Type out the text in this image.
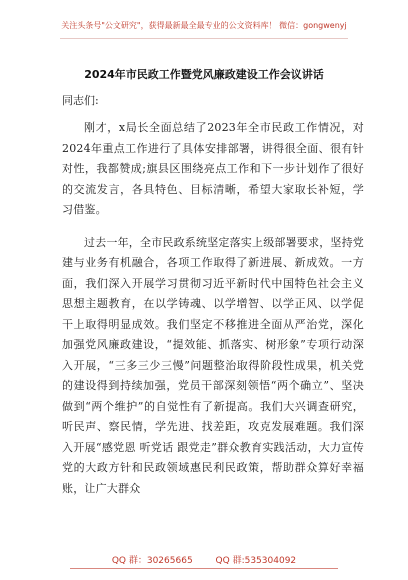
关注头条号"公文研究"，获得最新最全最专业的公文资料库！ 微信：gongwenyj
2024年市民政工作暨党风廉政建设工作会议讲话
同志们:

刚才，x局长全面总结了2023年全市民政工作情况，对2024年重点工作进行了具体安排部署，讲得很全面、很有针对性，我都赞成;旗县区围绕亮点工作和下一步计划作了很好的交流发言，各具特色、目标清晰，希望大家取长补短，学习借鉴。

过去一年，全市民政系统坚定落实上级部署要求，坚持党建与业务有机融合，各项工作取得了新进展、新成效。一方面，我们深入开展学习贯彻习近平新时代中国特色社会主义思想主题教育，在以学铸魂、以学增智、以学正风、以学促干上取得明显成效。我们坚定不移推进全面从严治党，深化加强党风廉政建设，“提效能、抓落实、树形象”专项行动深入开展，“三多三少三慢”问题整治取得阶段性成果，机关党的建设得到持续加强，党员干部深刻领悟“两个确立”、坚决做到“两个维护”的自觉性有了新提高。我们大兴调查研究，听民声、察民情，学先进、找差距，攻克发展难题。我们深入开展“感党恩 听党话 跟党走”群众教育实践活动，大力宣传党的大政方针和民政领域惠民利民政策，帮助群众算好幸福账，让广大群众

QQ 群：30265665	QQ 群:535304092
